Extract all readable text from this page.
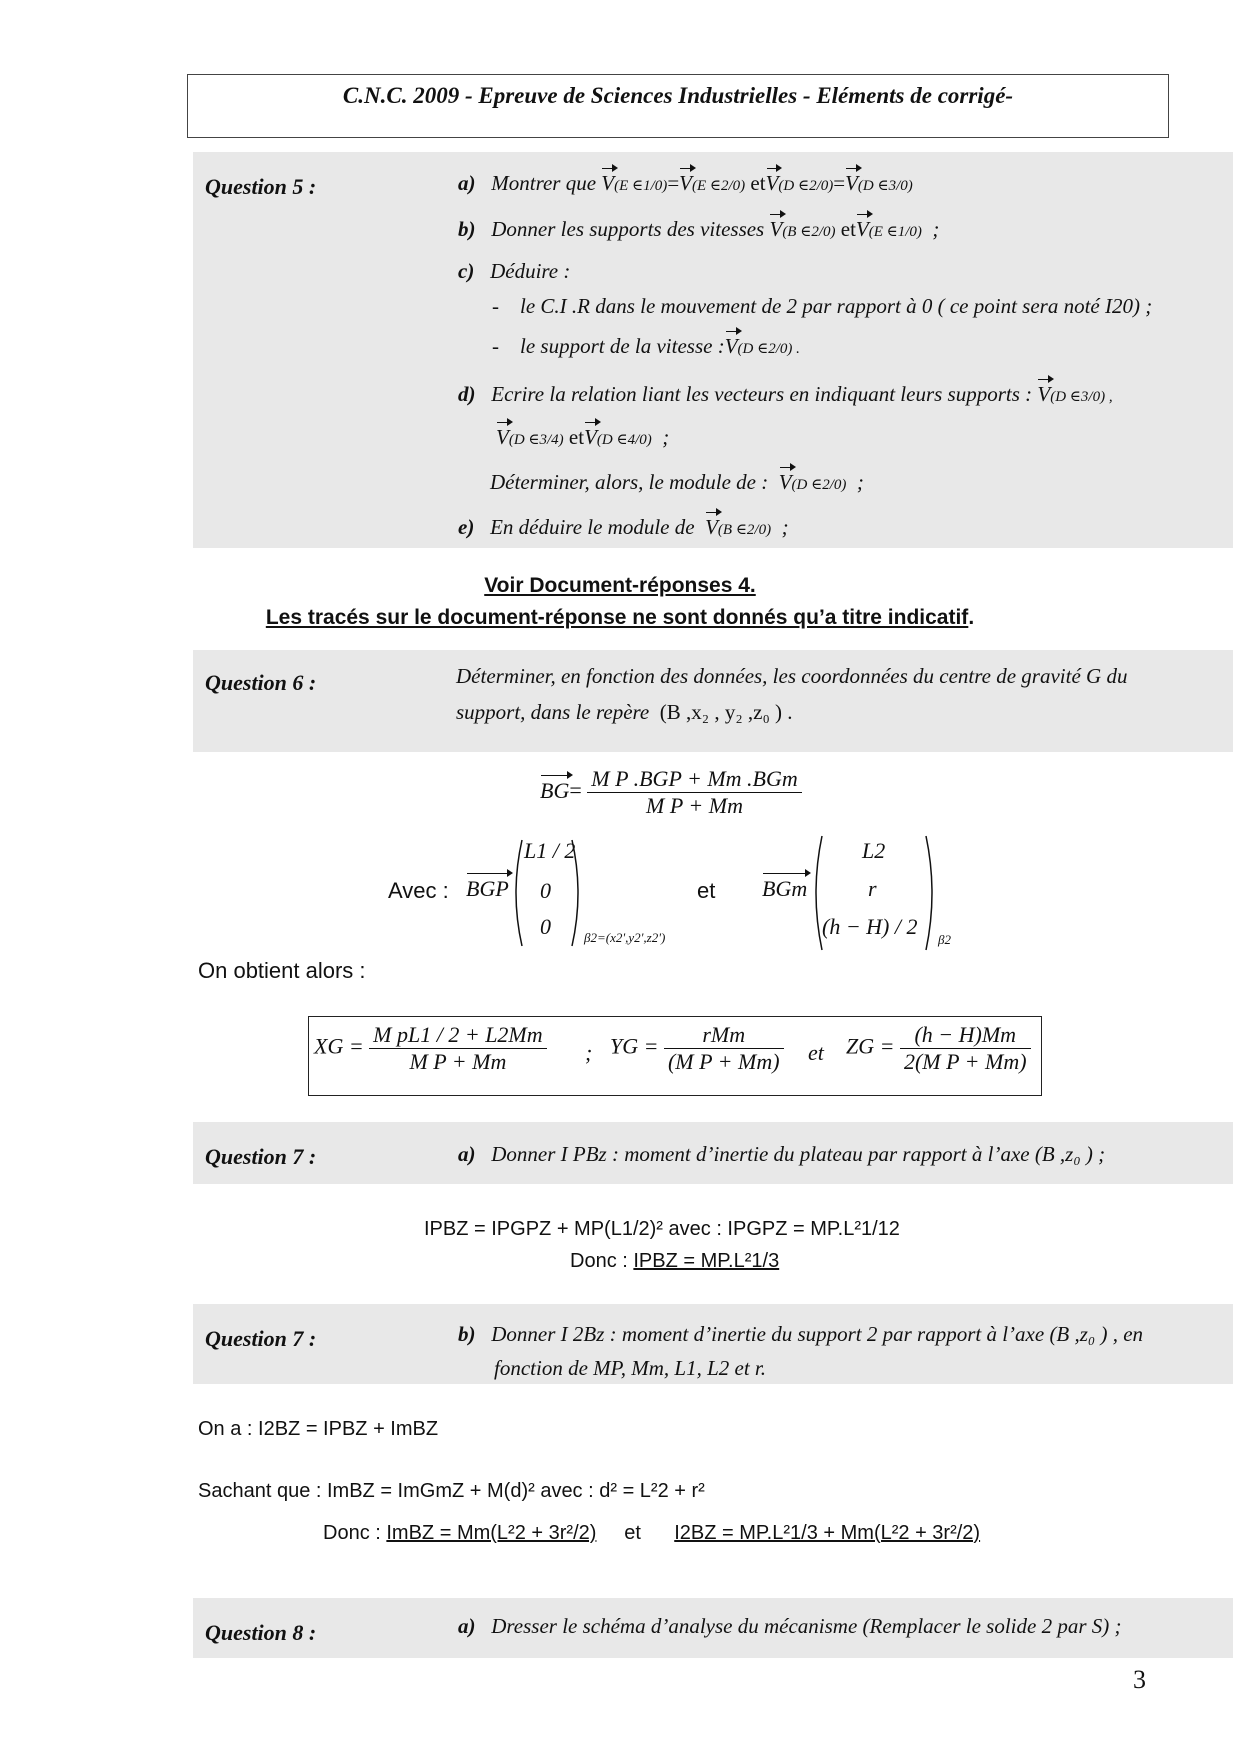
C.N.C. 2009 - Epreuve de Sciences Industrielles - Eléments de corrigé-
Question 5 :	a) Montrer que V(E ∈1/0)=V(E ∈2/0) etV(D ∈2/0)=V(D ∈3/0)
b) Donner les supports des vitesses V(B ∈2/0) etV(E ∈1/0) ;
c) Déduire :
- le C.I .R dans le mouvement de 2 par rapport à 0 ( ce point sera noté I20) ;
- le support de la vitesse :V(D ∈2/0) .
d) Ecrire la relation liant les vecteurs en indiquant leurs supports : V(D ∈3/0) ,
V(D ∈3/4) etV(D ∈4/0) ;
Déterminer, alors, le module de : V(D ∈2/0) ;
e) En déduire le module de V(B ∈2/0) ;
Voir Document-réponses 4.
Les tracés sur le document-réponse ne sont donnés qu’a titre indicatif.
Question 6 :	Déterminer, en fonction des données, les coordonnées du centre de gravité G du
support, dans le repère (B ,x₂ , y₂ ,z₀ ) .
$BG= \frac{\text{M P .BGP + Mm .BGm}}{\text{M P + Mm}}$
Avec : BGP
L1 / 2
0
0	β2=(x2',y2',z2')
et BGm
L2
r
(h − H) / 2
β2
On obtient alors :
XG = $\frac{\text{M pL1 / 2 + L2Mm}}{\text{M P + Mm}}$ ; YG = $\frac{\text{rMm}}{\text{(M P + Mm)}}$ et ZG = $\frac{(h - H)Mm}{\text{2(M P + Mm)}}$
Question 7 :	a) Donner I PBz : moment d’inertie du plateau par rapport à l’axe (B ,z₀ ) ;
IPBZ = IPGPZ + MP(L1/2)² avec : IPGPZ = MP.L²1/12
Donc : IPBZ = MP.L²1/3
Question 7 :	b) Donner I 2Bz : moment d’inertie du support 2 par rapport à l’axe (B ,z₀ ) , en
fonction de MP, Mm, L1, L2 et r.
On a : I2BZ = IPBZ + ImBZ
Sachant que : ImBZ = ImGmZ + M(d)² avec : d² = L²2 + r²
Donc : ImBZ = Mm(L²2 + 3r²/2) et I2BZ = MP.L²1/3 + Mm(L²2 + 3r²/2)
Question 8 :	a) Dresser le schéma d’analyse du mécanisme (Remplacer le solide 2 par S) ;
3
